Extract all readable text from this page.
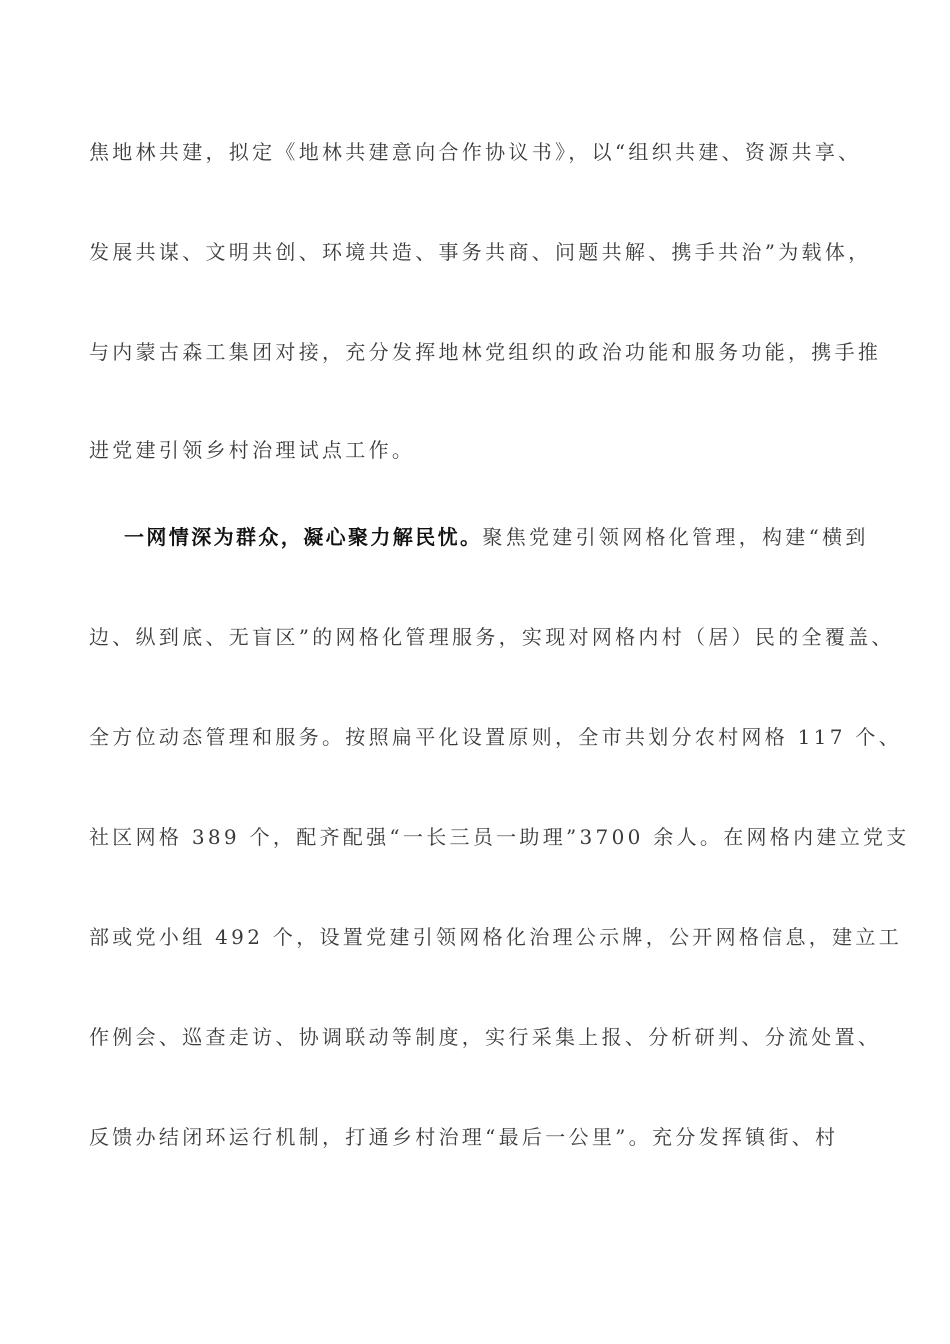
焦地林共建，拟定《地林共建意向合作协议书》，以“组织共建、资源共享、
发展共谋、文明共创、环境共造、事务共商、问题共解、携手共治”为载体，
与内蒙古森工集团对接，充分发挥地林党组织的政治功能和服务功能，携手推
进党建引领乡村治理试点工作。
一网情深为群众，凝心聚力解民忧。聚焦党建引领网格化管理，构建“横到
边、纵到底、无盲区”的网格化管理服务，实现对网格内村（居）民的全覆盖、
全方位动态管理和服务。按照扁平化设置原则，全市共划分农村网格 117 个、
社区网格 389 个，配齐配强“一长三员一助理”3700 余人。在网格内建立党支
部或党小组 492 个，设置党建引领网格化治理公示牌，公开网格信息，建立工
作例会、巡查走访、协调联动等制度，实行采集上报、分析研判、分流处置、
反馈办结闭环运行机制，打通乡村治理“最后一公里”。充分发挥镇街、村
